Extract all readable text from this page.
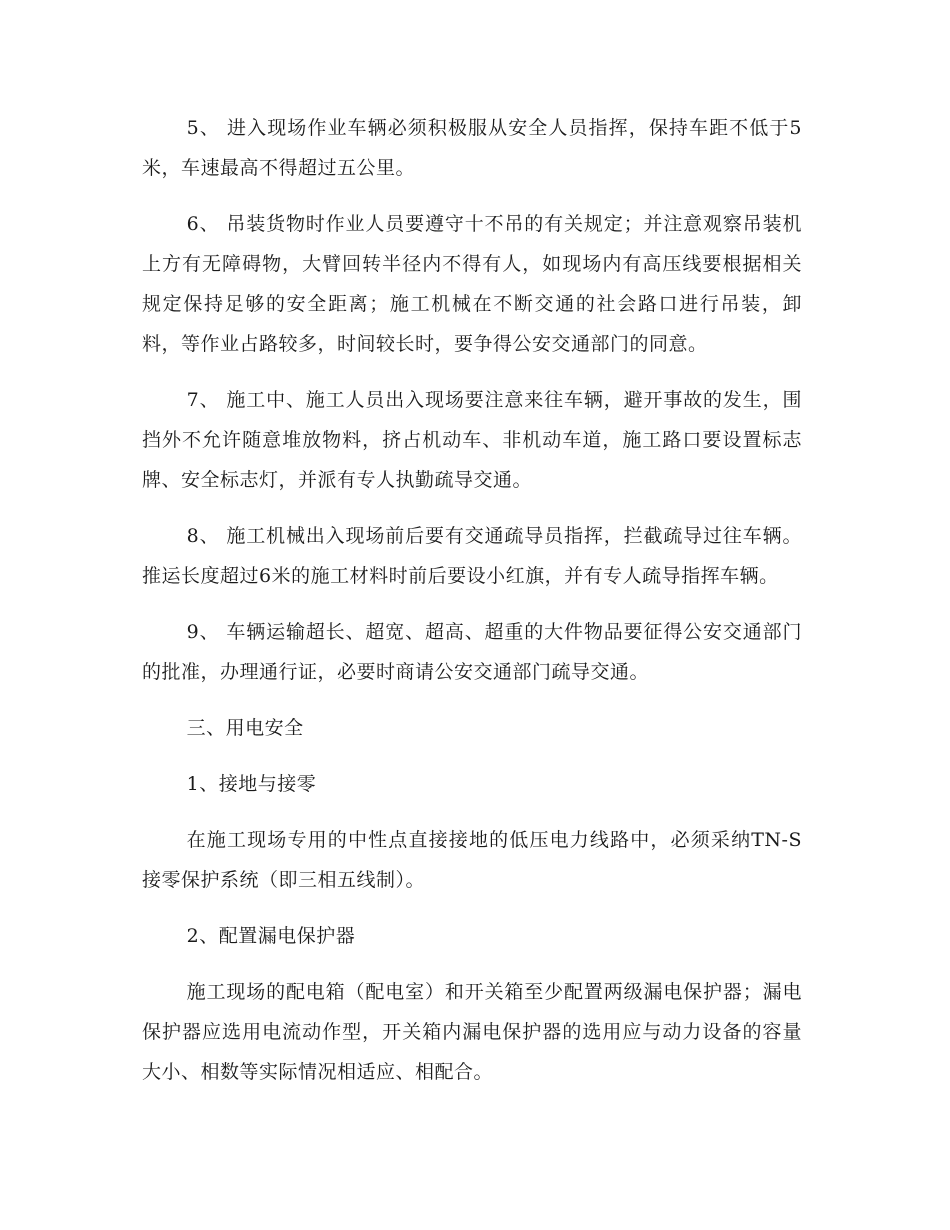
5、 进入现场作业车辆必须积极服从安全人员指挥，保持车距不低于5米，车速最高不得超过五公里。

6、 吊装货物时作业人员要遵守十不吊的有关规定；并注意观察吊装机上方有无障碍物，大臂回转半径内不得有人，如现场内有高压线要根据相关规定保持足够的安全距离；施工机械在不断交通的社会路口进行吊装，卸料，等作业占路较多，时间较长时，要争得公安交通部门的同意。

7、 施工中、施工人员出入现场要注意来往车辆，避开事故的发生，围挡外不允许随意堆放物料，挤占机动车、非机动车道，施工路口要设置标志牌、安全标志灯，并派有专人执勤疏导交通。

8、 施工机械出入现场前后要有交通疏导员指挥，拦截疏导过往车辆。推运长度超过6米的施工材料时前后要设小红旗，并有专人疏导指挥车辆。

9、 车辆运输超长、超宽、超高、超重的大件物品要征得公安交通部门的批准，办理通行证，必要时商请公安交通部门疏导交通。

三、用电安全

1、接地与接零

在施工现场专用的中性点直接接地的低压电力线路中，必须采纳TN-S接零保护系统（即三相五线制）。

2、配置漏电保护器

施工现场的配电箱（配电室）和开关箱至少配置两级漏电保护器；漏电保护器应选用电流动作型，开关箱内漏电保护器的选用应与动力设备的容量大小、相数等实际情况相适应、相配合。
